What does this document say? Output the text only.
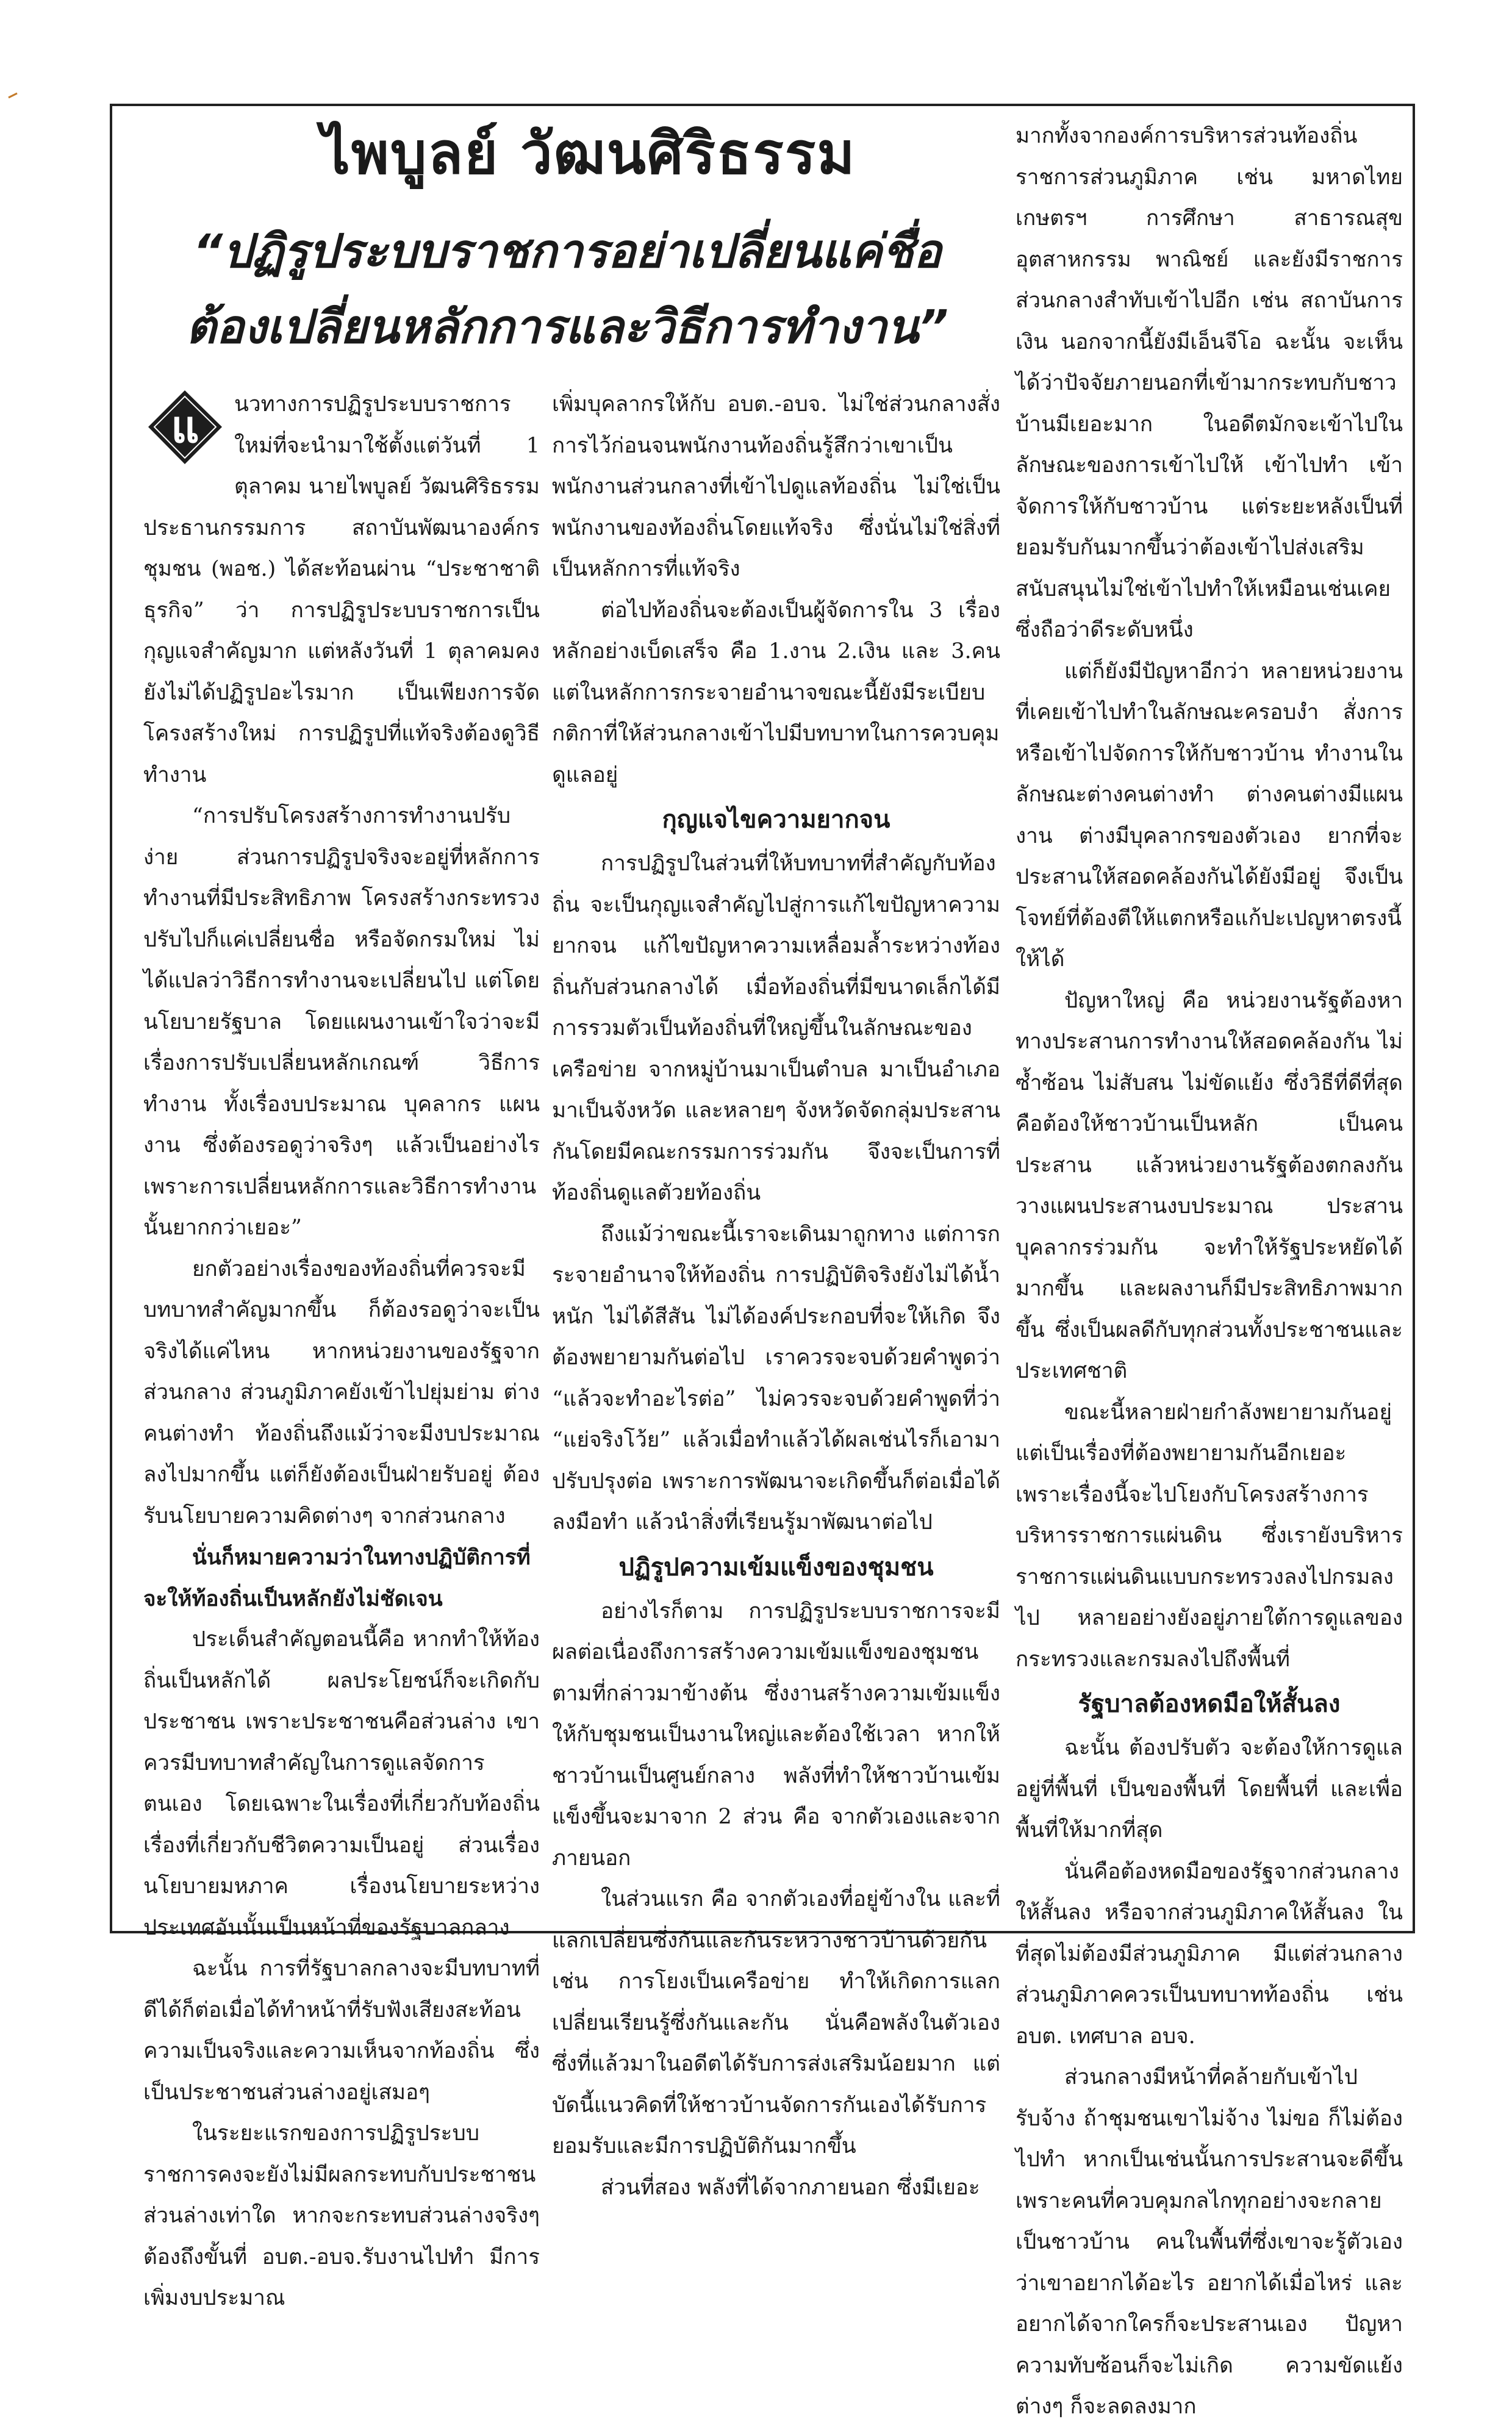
ไพบูลย์ วัฒนศิริธรรม
“ปฏิรูประบบราชการอย่าเปลี่ยนแค่ชื่อ
ต้องเปลี่ยนหลักการและวิธีการทำงาน”
แ	นวทางการปฏิรูประบบราชการใหม่ที่จะนำมาใช้ตั้งแต่วันที่ 1 ตุลาคม นายไพบูลย์ วัฒนศิริธรรม ประธานกรรมการ สถาบันพัฒนาองค์กรชุมชน (พอช.) ได้สะท้อนผ่าน “ประชาชาติธุรกิจ” ว่า การปฏิรูประบบราชการเป็นกุญแจสำคัญมาก แต่หลังวันที่ 1 ตุลาคมคงยังไม่ได้ปฏิรูปอะไรมาก เป็นเพียงการจัดโครงสร้างใหม่ การปฏิรูปที่แท้จริงต้องดูวิธีทำงาน

“การปรับโครงสร้างการทำงานปรับง่าย ส่วนการปฏิรูปจริงจะอยู่ที่หลักการทำงานที่มีประสิทธิภาพ โครงสร้างกระทรวงปรับไปก็แค่เปลี่ยนชื่อ หรือจัดกรมใหม่ ไม่ได้แปลว่าวิธีการทำงานจะเปลี่ยนไป แต่โดยนโยบายรัฐบาล โดยแผนงานเข้าใจว่าจะมีเรื่องการปรับเปลี่ยนหลักเกณฑ์ วิธีการทำงาน ทั้งเรื่องบประมาณ บุคลากร แผนงาน ซึ่งต้องรอดูว่าจริงๆ แล้วเป็นอย่างไร เพราะการเปลี่ยนหลักการและวิธีการทำงานนั้นยากกว่าเยอะ”

ยกตัวอย่างเรื่องของท้องถิ่นที่ควรจะมีบทบาทสำคัญมากขึ้น ก็ต้องรอดูว่าจะเป็นจริงได้แค่ไหน หากหน่วยงานของรัฐจากส่วนกลาง ส่วนภูมิภาคยังเข้าไปยุ่มย่าม ต่างคนต่างทำ ท้องถิ่นถึงแม้ว่าจะมีงบประมาณลงไปมากขึ้น แต่ก็ยังต้องเป็นฝ่ายรับอยู่ ต้องรับนโยบายความคิดต่างๆ จากส่วนกลาง

นั่นก็หมายความว่าในทางปฏิบัติการที่จะให้ท้องถิ่นเป็นหลักยังไม่ชัดเจน

ประเด็นสำคัญตอนนี้คือ หากทำให้ท้องถิ่นเป็นหลักได้ ผลประโยชน์ก็จะเกิดกับประชาชน เพราะประชาชนคือส่วนล่าง เขาควรมีบทบาทสำคัญในการดูแลจัดการตนเอง โดยเฉพาะในเรื่องที่เกี่ยวกับท้องถิ่น เรื่องที่เกี่ยวกับชีวิตความเป็นอยู่ ส่วนเรื่องนโยบายมหภาค เรื่องนโยบายระหว่างประเทศอันนั้นเป็นหน้าที่ของรัฐบาลกลาง

ฉะนั้น การที่รัฐบาลกลางจะมีบทบาทที่ดีได้ก็ต่อเมื่อได้ทำหน้าที่รับฟังเสียงสะท้อนความเป็นจริงและความเห็นจากท้องถิ่น ซึ่งเป็นประชาชนส่วนล่างอยู่เสมอๆ

ในระยะแรกของการปฏิรูประบบราชการคงจะยังไม่มีผลกระทบกับประชาชนส่วนล่างเท่าใด หากจะกระทบส่วนล่างจริงๆ ต้องถึงขั้นที่ อบต.-อบจ.รับงานไปทำ มีการเพิ่มงบประมาณ

เพิ่มบุคลากรให้กับ อบต.-อบจ. ไม่ใช่ส่วนกลางสั่งการไว้ก่อนจนพนักงานท้องถิ่นรู้สึกว่าเขาเป็นพนักงานส่วนกลางที่เข้าไปดูแลท้องถิ่น ไม่ใช่เป็นพนักงานของท้องถิ่นโดยแท้จริง ซึ่งนั่นไม่ใช่สิ่งที่เป็นหลักการที่แท้จริง

ต่อไปท้องถิ่นจะต้องเป็นผู้จัดการใน 3 เรื่องหลักอย่างเบ็ดเสร็จ คือ 1.งาน 2.เงิน และ 3.คน แต่ในหลักการกระจายอำนาจขณะนี้ยังมีระเบียบกติกาที่ให้ส่วนกลางเข้าไปมีบทบาทในการควบคุมดูแลอยู่

กุญแจไขความยากจน

การปฏิรูปในส่วนที่ให้บทบาทที่สำคัญกับท้องถิ่น จะเป็นกุญแจสำคัญไปสู่การแก้ไขปัญหาความยากจน แก้ไขปัญหาความเหลื่อมล้ำระหว่างท้องถิ่นกับส่วนกลางได้ เมื่อท้องถิ่นที่มีขนาดเล็กได้มีการรวมตัวเป็นท้องถิ่นที่ใหญ่ขึ้นในลักษณะของเครือข่าย จากหมู่บ้านมาเป็นตำบล มาเป็นอำเภอ มาเป็นจังหวัด และหลายๆ จังหวัดจัดกลุ่มประสานกันโดยมีคณะกรรมการร่วมกัน จึงจะเป็นการที่ท้องถิ่นดูแลตัวยท้องถิ่น

ถึงแม้ว่าขณะนี้เราจะเดินมาถูกทาง แต่การกระจายอำนาจให้ท้องถิ่น การปฏิบัติจริงยังไม่ได้น้ำหนัก ไม่ได้สีสัน ไม่ได้องค์ประกอบที่จะให้เกิด จึงต้องพยายามกันต่อไป เราควรจะจบด้วยคำพูดว่า “แล้วจะทำอะไรต่อ” ไม่ควรจะจบด้วยคำพูดที่ว่า “แย่จริงโว้ย” แล้วเมื่อทำแล้วได้ผลเช่นไรก็เอามาปรับปรุงต่อ เพราะการพัฒนาจะเกิดขึ้นก็ต่อเมื่อได้ลงมือทำ แล้วนำสิ่งที่เรียนรู้มาพัฒนาต่อไป

ปฏิรูปความเข้มแข็งของชุมชน

อย่างไรก็ตาม การปฏิรูประบบราชการจะมีผลต่อเนื่องถึงการสร้างความเข้มแข็งของชุมชนตามที่กล่าวมาข้างต้น ซึ่งงานสร้างความเข้มแข็งให้กับชุมชนเป็นงานใหญ่และต้องใช้เวลา หากให้ชาวบ้านเป็นศูนย์กลาง พลังที่ทำให้ชาวบ้านเข้มแข็งขึ้นจะมาจาก 2 ส่วน คือ จากตัวเองและจากภายนอก

ในส่วนแรก คือ จากตัวเองที่อยู่ข้างใน และที่แลกเปลี่ยนซึ่งกันและกันระหว่างชาวบ้านด้วยกัน เช่น การโยงเป็นเครือข่าย ทำให้เกิดการแลกเปลี่ยนเรียนรู้ซึ่งกันและกัน นั่นคือพลังในตัวเอง ซึ่งที่แล้วมาในอดีตได้รับการส่งเสริมน้อยมาก แต่บัดนี้แนวคิดที่ให้ชาวบ้านจัดการกันเองได้รับการยอมรับและมีการปฏิบัติกันมากขึ้น

ส่วนที่สอง พลังที่ได้จากภายนอก ซึ่งมีเยอะ

มากทั้งจากองค์การบริหารส่วนท้องถิ่น ราชการส่วนภูมิภาค เช่น มหาดไทย เกษตรฯ การศึกษา สาธารณสุข อุตสาหกรรม พาณิชย์ และยังมีราชการส่วนกลางสำทับเข้าไปอีก เช่น สถาบันการเงิน นอกจากนี้ยังมีเอ็นจีโอ ฉะนั้น จะเห็นได้ว่าปัจจัยภายนอกที่เข้ามากระทบกับชาวบ้านมีเยอะมาก ในอดีตมักจะเข้าไปในลักษณะของการเข้าไปให้ เข้าไปทำ เข้าจัดการให้กับชาวบ้าน แต่ระยะหลังเป็นที่ยอมรับกันมากขึ้นว่าต้องเข้าไปส่งเสริม สนับสนุนไม่ใช่เข้าไปทำให้เหมือนเช่นเคย ซึ่งถือว่าดีระดับหนึ่ง

แต่ก็ยังมีปัญหาอีกว่า หลายหน่วยงานที่เคยเข้าไปทำในลักษณะครอบงำ สั่งการหรือเข้าไปจัดการให้กับชาวบ้าน ทำงานในลักษณะต่างคนต่างทำ ต่างคนต่างมีแผนงาน ต่างมีบุคลากรของตัวเอง ยากที่จะประสานให้สอดคล้องกันได้ยังมีอยู่ จึงเป็นโจทย์ที่ต้องตีให้แตกหรือแก้ปะเปญหาตรงนี้ให้ได้

ปัญหาใหญ่ คือ หน่วยงานรัฐต้องหาทางประสานการทำงานให้สอดคล้องกัน ไม่ซ้ำซ้อน ไม่สับสน ไม่ขัดแย้ง ซึ่งวิธีที่ดีที่สุดคือต้องให้ชาวบ้านเป็นหลัก เป็นคนประสาน แล้วหน่วยงานรัฐต้องตกลงกัน วางแผนประสานงบประมาณ ประสานบุคลากรร่วมกัน จะทำให้รัฐประหยัดได้มากขึ้น และผลงานก็มีประสิทธิภาพมากขึ้น ซึ่งเป็นผลดีกับทุกส่วนทั้งประชาชนและประเทศชาติ

ขณะนี้หลายฝ่ายกำลังพยายามกันอยู่ แต่เป็นเรื่องที่ต้องพยายามกันอีกเยอะ เพราะเรื่องนี้จะไปโยงกับโครงสร้างการบริหารราชการแผ่นดิน ซึ่งเรายังบริหารราชการแผ่นดินแบบกระทรวงลงไปกรมลงไป หลายอย่างยังอยู่ภายใต้การดูแลของกระทรวงและกรมลงไปถึงพื้นที่

รัฐบาลต้องหดมือให้สั้นลง

ฉะนั้น ต้องปรับตัว จะต้องให้การดูแลอยู่ที่พื้นที่ เป็นของพื้นที่ โดยพื้นที่ และเพื่อพื้นที่ให้มากที่สุด

นั่นคือต้องหดมือของรัฐจากส่วนกลางให้สั้นลง หรือจากส่วนภูมิภาคให้สั้นลง ในที่สุดไม่ต้องมีส่วนภูมิภาค มีแต่ส่วนกลาง ส่วนภูมิภาคควรเป็นบทบาทท้องถิ่น เช่น อบต. เทศบาล อบจ.

ส่วนกลางมีหน้าที่คล้ายกับเข้าไปรับจ้าง ถ้าชุมชนเขาไม่จ้าง ไม่ขอ ก็ไม่ต้องไปทำ หากเป็นเช่นนั้นการประสานจะดีขึ้น เพราะคนที่ควบคุมกลไกทุกอย่างจะกลายเป็นชาวบ้าน คนในพื้นที่ซึ่งเขาจะรู้ตัวเองว่าเขาอยากได้อะไร อยากได้เมื่อไหร่ และอยากได้จากใครก็จะประสานเอง ปัญหาความทับซ้อนก็จะไม่เกิด ความขัดแย้งต่างๆ ก็จะลดลงมาก
